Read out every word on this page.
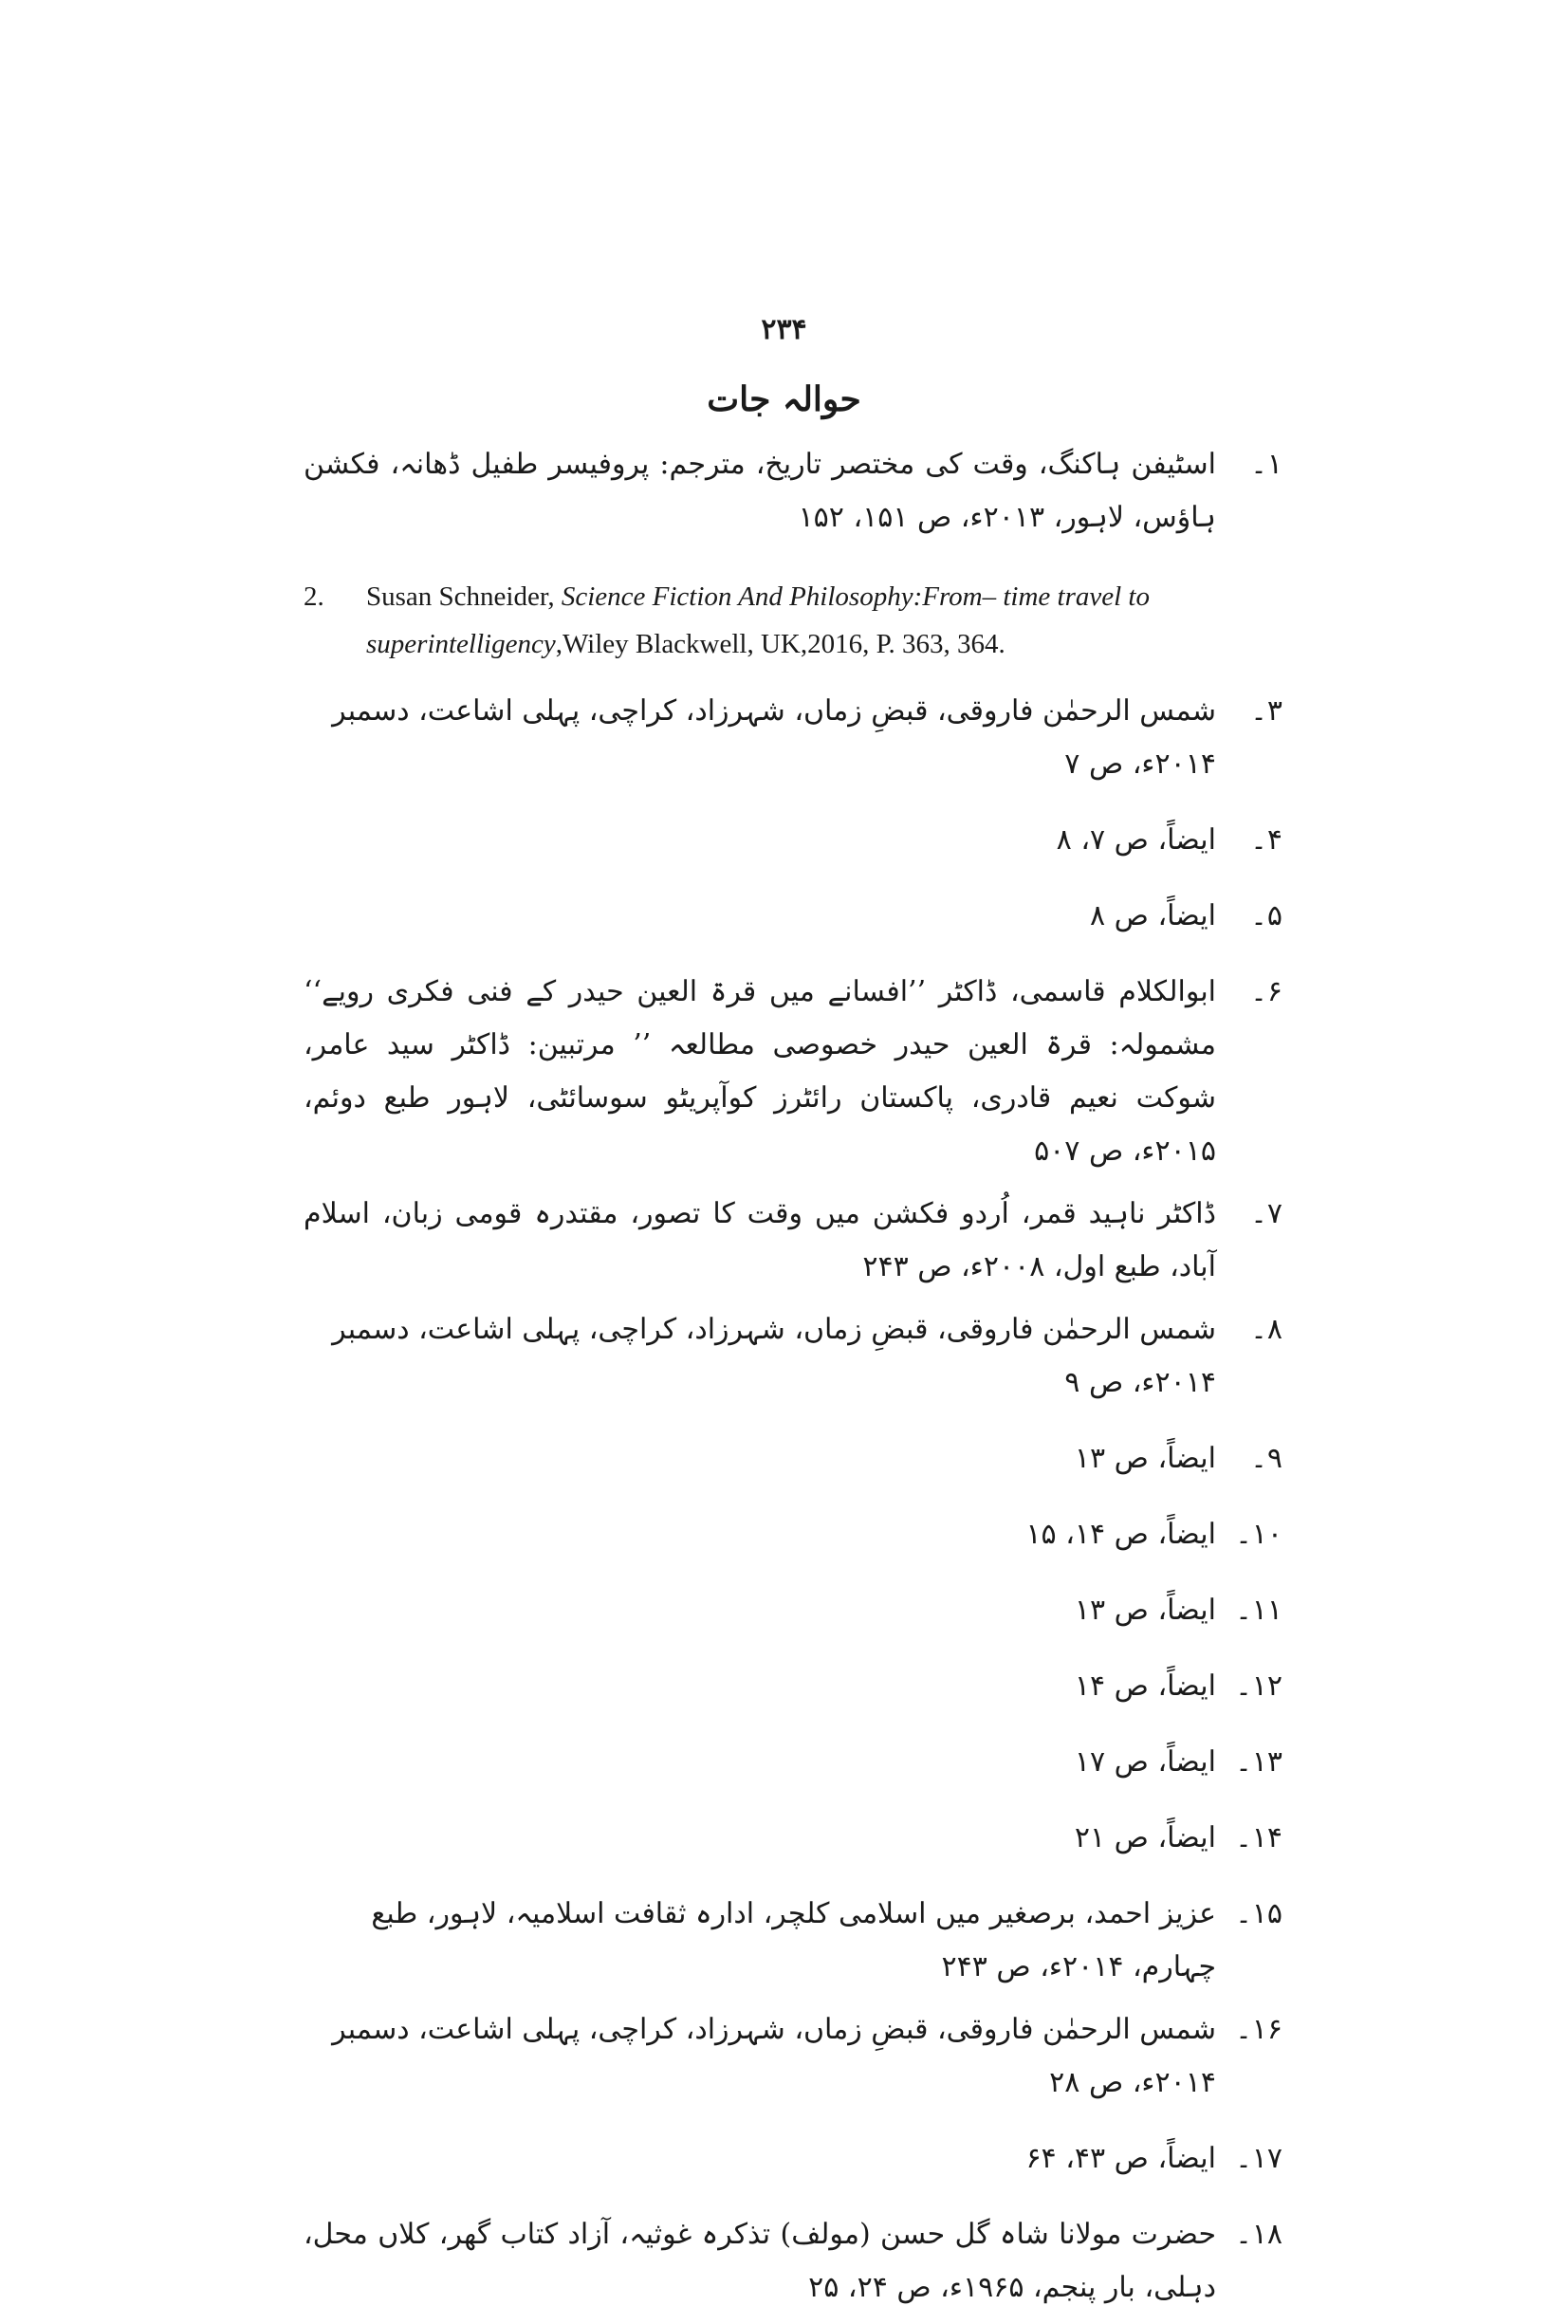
۲۳۴
حوالہ جات
۱۔
اسٹیفن ہاکنگ، وقت کی مختصر تاریخ، مترجم: پروفیسر طفیل ڈھانہ، فکشن ہاؤس، لاہور، ۲۰۱۳ء، ص ۱۵۱، ۱۵۲
2.	Susan Schneider, Science Fiction And Philosophy:From– time travel to superintelligency,Wiley Blackwell, UK,2016, P. 363, 364.
۳۔
شمس الرحمٰن فاروقی، قبضِ زماں، شہرزاد، کراچی، پہلی اشاعت، دسمبر ۲۰۱۴ء، ص ۷
۴۔
ایضاً، ص ۷، ۸
۵۔
ایضاً، ص ۸
۶۔
ابوالکلام قاسمی، ڈاکٹر ’’افسانے میں قرۃ العین حیدر کے فنی فکری رویے‘‘ مشمولہ: قرۃ العین حیدر خصوصی مطالعہ ’’ مرتبین: ڈاکٹر سید عامر، شوکت نعیم قادری، پاکستان رائٹرز کوآپریٹو سوسائٹی، لاہور طبع دوئم، ۲۰۱۵ء، ص ۵۰۷
۷۔
ڈاکٹر ناہید قمر، اُردو فکشن میں وقت کا تصور، مقتدرہ قومی زبان، اسلام آباد، طبع اول، ۲۰۰۸ء، ص ۲۴۳
۸۔
شمس الرحمٰن فاروقی، قبضِ زماں، شہرزاد، کراچی، پہلی اشاعت، دسمبر ۲۰۱۴ء، ص ۹
۹۔
ایضاً، ص ۱۳
۱۰۔
ایضاً، ص ۱۴، ۱۵
۱۱۔
ایضاً، ص ۱۳
۱۲۔
ایضاً، ص ۱۴
۱۳۔
ایضاً، ص ۱۷
۱۴۔
ایضاً، ص ۲۱
۱۵۔
عزیز احمد، برصغیر میں اسلامی کلچر، ادارہ ثقافت اسلامیہ، لاہور، طبع چہارم، ۲۰۱۴ء، ص ۲۴۳
۱۶۔
شمس الرحمٰن فاروقی، قبضِ زماں، شہرزاد، کراچی، پہلی اشاعت، دسمبر ۲۰۱۴ء، ص ۲۸
۱۷۔
ایضاً، ص ۴۳، ۶۴
۱۸۔
حضرت مولانا شاہ گل حسن (مولف) تذکرہ غوثیہ، آزاد کتاب گھر، کلاں محل، دہلی، بار پنجم، ۱۹۶۵ء، ص ۲۴، ۲۵
